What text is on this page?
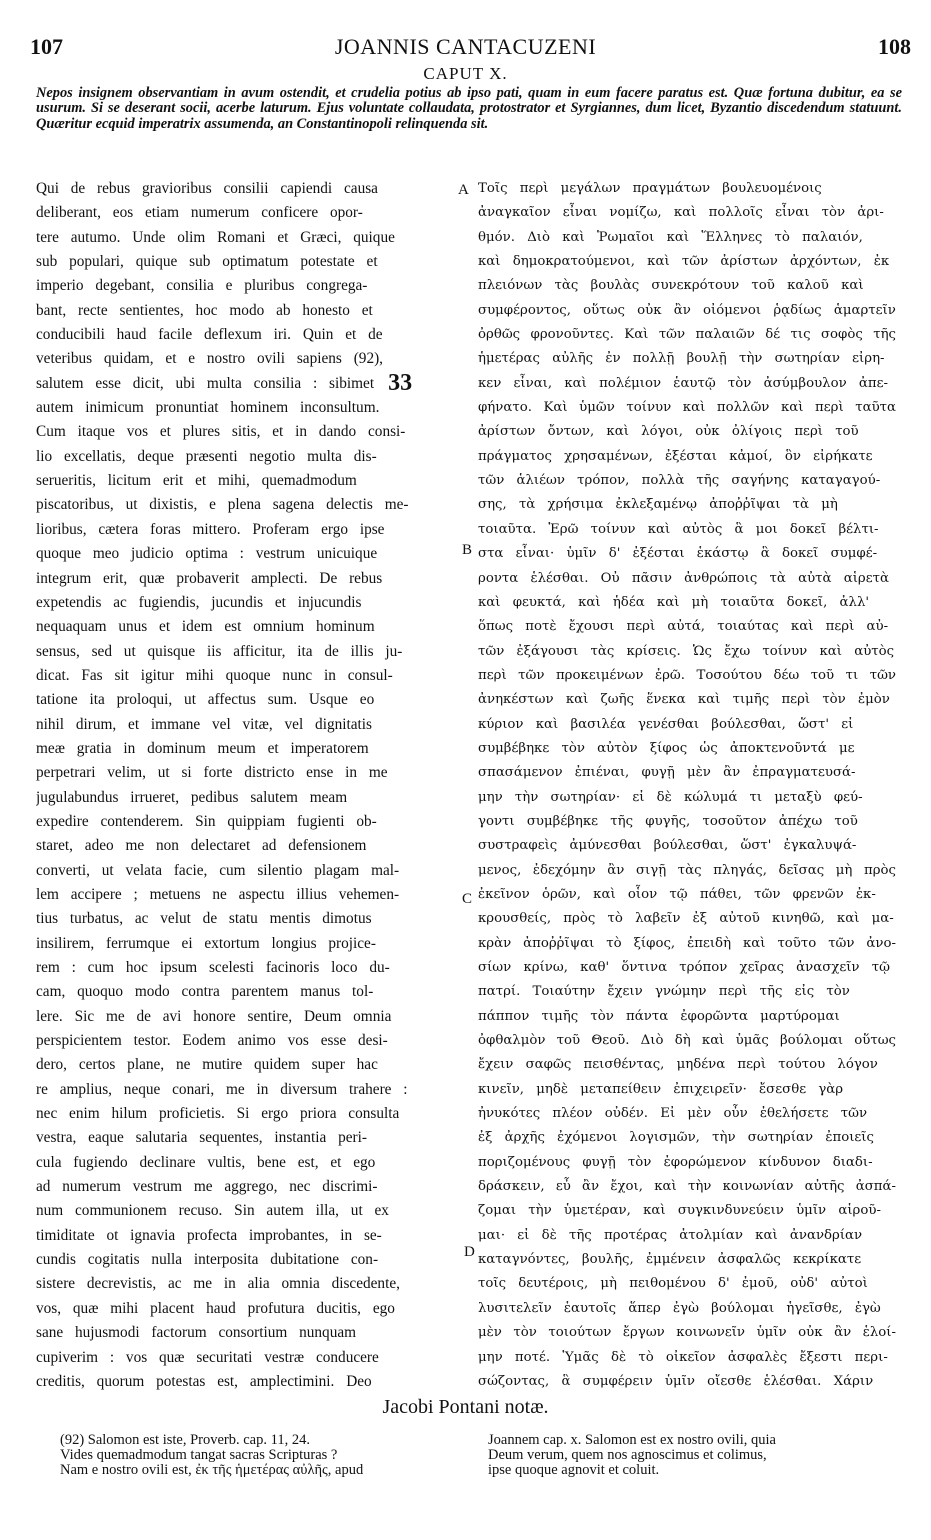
107	JOANNIS CANTACUZENI	108
CAPUT X.
Nepos insignem observantiam in avum ostendit, et crudelia potius ab ipso pati, quam in eum facere paratus est. Quæ fortuna dubitur, ea se usurum. Si se deserant socii, acerbe laturum. Ejus voluntate collaudata, protostrator et Syrgiannes, dum licet, Byzantio discedendum statuunt. Quæritur ecquid imperatrix assumenda, an Constantinopoli relinquenda sit.
Qui de rebus gravioribus consilii capiendi causa
deliberant, eos etiam numerum conficere opor-
tere autumo. Unde olim Romani et Græci, quique
sub populari, quique sub optimatum potestate et
imperio degebant, consilia e pluribus congrega-
bant, recte sentientes, hoc modo ab honesto et
conducibili haud facile deflexum iri. Quin et de
veteribus quidam, et e nostro ovili sapiens (92),
salutem esse dicit, ubi multa consilia : sibimet 33
autem inimicum pronuntiat hominem inconsultum.
Cum itaque vos et plures sitis, et in dando consi-
lio excellatis, deque præsenti negotio multa dis-
serueritis, licitum erit et mihi, quemadmodum
piscatoribus, ut dixistis, e plena sagena delectis me-
lioribus, cætera foras mittero. Proferam ergo ipse
quoque meo judicio optima : vestrum unicuique
integrum erit, quæ probaverit amplecti. De rebus
expetendis ac fugiendis, jucundis et injucundis
nequaquam unus et idem est omnium hominum
sensus, sed ut quisque iis afficitur, ita de illis ju-
dicat. Fas sit igitur mihi quoque nunc in consul-
tatione ita proloqui, ut affectus sum. Usque eo
nihil dirum, et immane vel vitæ, vel dignitatis
meæ gratia in dominum meum et imperatorem
perpetrari velim, ut si forte districto ense in me
jugulabundus irrueret, pedibus salutem meam
expedire contenderem. Sin quippiam fugienti ob-
staret, adeo me non delectaret ad defensionem
converti, ut velata facie, cum silentio plagam mal-
lem accipere ; metuens ne aspectu illius vehemen-
tius turbatus, ac velut de statu mentis dimotus
insilirem, ferrumque ei extortum longius projice-
rem : cum hoc ipsum scelesti facinoris loco du-
cam, quoquo modo contra parentem manus tol-
lere. Sic me de avi honore sentire, Deum omnia
perspicientem testor. Eodem animo vos esse desi-
dero, certos plane, ne mutire quidem super hac
re amplius, neque conari, me in diversum trahere :
nec enim hilum proficietis. Si ergo priora consulta
vestra, eaque salutaria sequentes, instantia peri-
cula fugiendo declinare vultis, bene est, et ego
ad numerum vestrum me aggrego, nec discrimi-
num communionem recuso. Sin autem illa, ut ex
timiditate ot ignavia profecta improbantes, in se-
cundis cogitatis nulla interposita dubitatione con-
sistere decrevistis, ac me in alia omnia discedente,
vos, quæ mihi placent haud profutura ducitis, ego
sane hujusmodi factorum consortium nunquam
cupiverim : vos quæ securitati vestræ conducere
creditis, quorum potestas est, amplectimini. Deo
Τοῖς περὶ μεγάλων πραγμάτων βουλευομένοις
ἀναγκαῖον εἶναι νομίζω, καὶ πολλοῖς εἶναι τὸν ἀρι-
θμόν. Διὸ καὶ Ῥωμαῖοι καὶ Ἕλληνες τὸ παλαιόν,
καὶ δημοκρατούμενοι, καὶ τῶν ἀρίστων ἀρχόντων, ἐκ
πλειόνων τὰς βουλὰς συνεκρότουν τοῦ καλοῦ καὶ
συμφέροντος, οὕτως οὐκ ἂν οἰόμενοι ῥᾳδίως ἁμαρτεῖν
ὀρθῶς φρονοῦντες. Καὶ τῶν παλαιῶν δέ τις σοφὸς τῆς
ἡμετέρας αὐλῆς ἐν πολλῇ βουλῇ τὴν σωτηρίαν εἰρη-
κεν εἶναι, καὶ πολέμιον ἑαυτῷ τὸν ἀσύμβουλον ἀπε-
φήνατο. Καὶ ὑμῶν τοίνυν καὶ πολλῶν καὶ περὶ ταῦτα
ἀρίστων ὄντων, καὶ λόγοι, οὐκ ὀλίγοις περὶ τοῦ
πράγματος χρησαμένων, ἐξέσται κἀμοί, ὃν εἰρήκατε
τῶν ἁλιέων τρόπον, πολλὰ τῆς σαγήνης καταγαγού-
σης, τὰ χρήσιμα ἐκλεξαμένῳ ἀποῤῥῖψαι τὰ μὴ
τοιαῦτα. Ἐρῶ τοίνυν καὶ αὐτὸς ἃ μοι δοκεῖ βέλτι-
στα εἶναι· ὑμῖν δ' ἐξέσται ἑκάστῳ ἃ δοκεῖ συμφέ-
ροντα ἑλέσθαι. Οὐ πᾶσιν ἀνθρώποις τὰ αὐτὰ αἱρετὰ
καὶ φευκτά, καὶ ἡδέα καὶ μὴ τοιαῦτα δοκεῖ, ἀλλ'
ὅπως ποτὲ ἔχουσι περὶ αὐτά, τοιαύτας καὶ περὶ αὐ-
τῶν ἐξάγουσι τὰς κρίσεις. Ὡς ἔχω τοίνυν καὶ αὐτὸς
περὶ τῶν προκειμένων ἐρῶ. Τοσούτου δέω τοῦ τι τῶν
ἀνηκέστων καὶ ζωῆς ἕνεκα καὶ τιμῆς περὶ τὸν ἐμὸν
κύριον καὶ βασιλέα γενέσθαι βούλεσθαι, ὥστ' εἰ
συμβέβηκε τὸν αὐτὸν ξίφος ὡς ἀποκτενοῦντά με
σπασάμενον ἐπιέναι, φυγῇ μὲν ἂν ἐπραγματευσά-
μην τὴν σωτηρίαν· εἰ δὲ κώλυμά τι μεταξὺ φεύ-
γοντι συμβέβηκε τῆς φυγῆς, τοσοῦτον ἀπέχω τοῦ
συστραφεὶς ἀμύνεσθαι βούλεσθαι, ὥστ' ἐγκαλυψά-
μενος, ἐδεχόμην ἂν σιγῇ τὰς πληγάς, δεῖσας μὴ πρὸς
ἐκεῖνον ὁρῶν, καὶ οἷον τῷ πάθει, τῶν φρενῶν ἐκ-
κρουσθείς, πρὸς τὸ λαβεῖν ἐξ αὐτοῦ κινηθῶ, καὶ μα-
κρὰν ἀποῤῥῖψαι τὸ ξίφος, ἐπειδὴ καὶ τοῦτο τῶν ἀνο-
σίων κρίνω, καθ' ὅντινα τρόπον χεῖρας ἀνασχεῖν τῷ
πατρί. Τοιαύτην ἔχειν γνώμην περὶ τῆς εἰς τὸν
πάππον τιμῆς τὸν πάντα ἐφορῶντα μαρτύρομαι
ὀφθαλμὸν τοῦ Θεοῦ. Διὸ δὴ καὶ ὑμᾶς βούλομαι οὕτως
ἔχειν σαφῶς πεισθέντας, μηδένα περὶ τούτου λόγον
κινεῖν, μηδὲ μεταπείθειν ἐπιχειρεῖν· ἔσεσθε γὰρ
ἠνυκότες πλέον οὐδέν. Εἰ μὲν οὖν ἐθελήσετε τῶν
ἐξ ἀρχῆς ἐχόμενοι λογισμῶν, τὴν σωτηρίαν ἐποιεῖς
ποριζομένους φυγῇ τὸν ἐφορώμενον κίνδυνον διαδι-
δράσκειν, εὖ ἂν ἔχοι, καὶ τὴν κοινωνίαν αὐτῆς ἀσπά-
ζομαι τὴν ὑμετέραν, καὶ συγκινδυνεύειν ὑμῖν αἱροῦ-
μαι· εἰ δὲ τῆς προτέρας ἀτολμίαν καὶ ἀνανδρίαν
καταγνόντες, βουλῆς, ἐμμένειν ἀσφαλῶς κεκρίκατε
τοῖς δευτέροις, μὴ πειθομένου δ' ἐμοῦ, οὐδ' αὐτοὶ
λυσιτελεῖν ἑαυτοῖς ἅπερ ἐγὼ βούλομαι ἡγεῖσθε, ἐγὼ
μὲν τὸν τοιούτων ἔργων κοινωνεῖν ὑμῖν οὐκ ἂν ἑλοί-
μην ποτέ. Ὑμᾶς δὲ τὸ οἰκεῖον ἀσφαλὲς ἔξεστι περι-
σώζοντας, ἃ συμφέρειν ὑμῖν οἴεσθε ἑλέσθαι. Χάριν
A
B
C
D
Jacobi Pontani notæ.
(92) Salomon est iste, Proverb. cap. 11, 24.
Vides quemadmodum tangat sacras Scripturas ?
Nam e nostro ovili est, ἐκ τῆς ἡμετέρας αὐλῆς, apud
Joannem cap. x. Salomon est ex nostro ovili, quia
Deum verum, quem nos agnoscimus et colimus,
ipse quoque agnovit et coluit.
